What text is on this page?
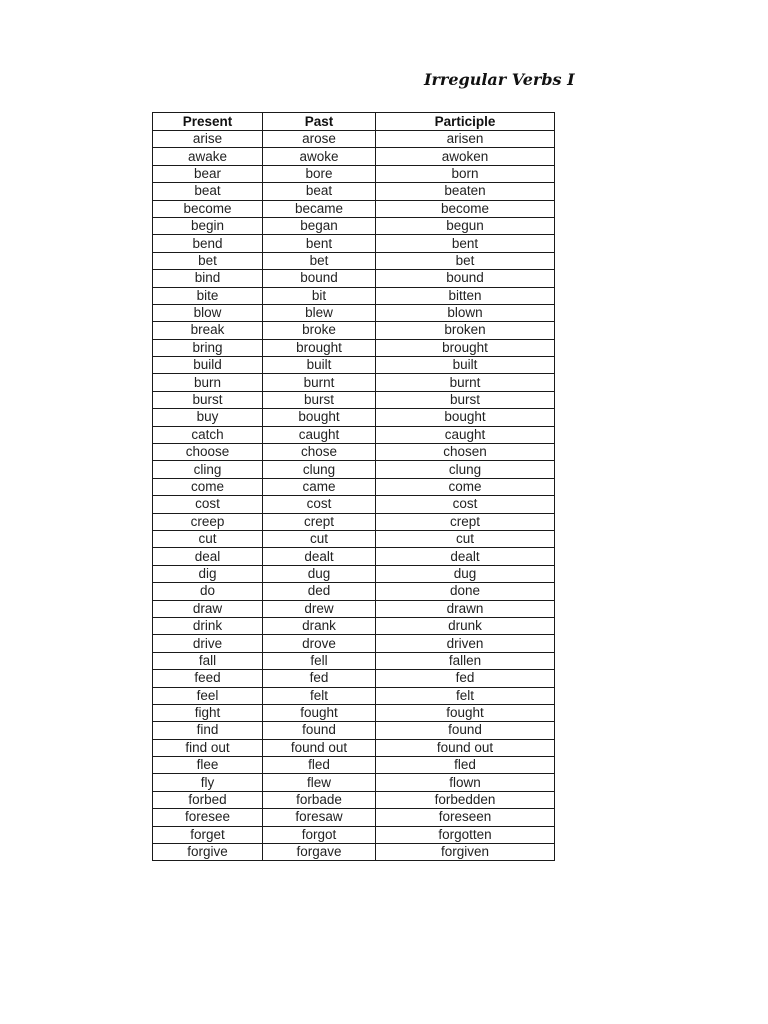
Irregular Verbs I
Present	Past	Participle
arise	arose	arisen
awake	awoke	awoken
bear	bore	born
beat	beat	beaten
become	became	become
begin	began	begun
bend	bent	bent
bet	bet	bet
bind	bound	bound
bite	bit	bitten
blow	blew	blown
break	broke	broken
bring	brought	brought
build	built	built
burn	burnt	burnt
burst	burst	burst
buy	bought	bought
catch	caught	caught
choose	chose	chosen
cling	clung	clung
come	came	come
cost	cost	cost
creep	crept	crept
cut	cut	cut
deal	dealt	dealt
dig	dug	dug
do	ded	done
draw	drew	drawn
drink	drank	drunk
drive	drove	driven
fall	fell	fallen
feed	fed	fed
feel	felt	felt
fight	fought	fought
find	found	found
find out	found out	found out
flee	fled	fled
fly	flew	flown
forbed	forbade	forbedden
foresee	foresaw	foreseen
forget	forgot	forgotten
forgive	forgave	forgiven
